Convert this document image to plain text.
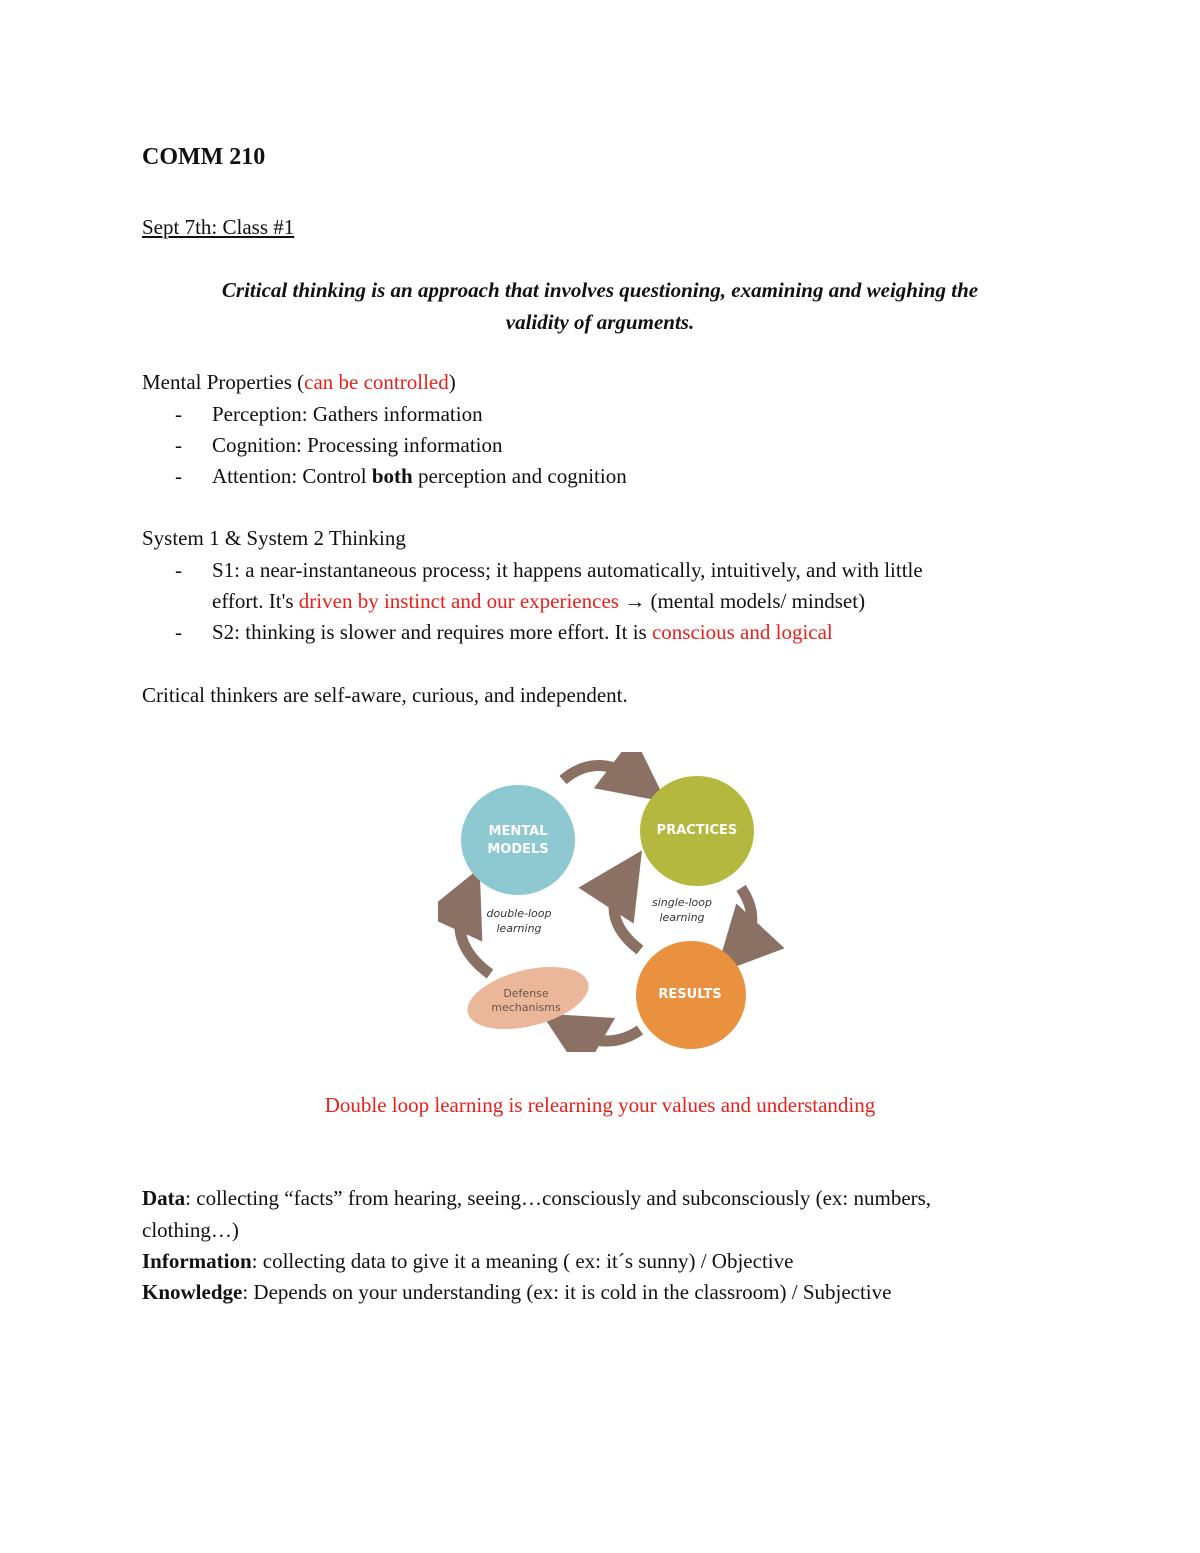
COMM 210
Sept 7th: Class #1
Critical thinking is an approach that involves questioning, examining and weighing the
validity of arguments.
Mental Properties (can be controlled)
- Perception: Gathers information
- Cognition: Processing information
- Attention: Control both perception and cognition
System 1 & System 2 Thinking
- S1: a near-instantaneous process; it happens automatically, intuitively, and with little
effort. It's driven by instinct and our experiences → (mental models/ mindset)
- S2: thinking is slower and requires more effort. It is conscious and logical
Critical thinkers are self-aware, curious, and independent.
MENTAL
MODELS
PRACTICES
RESULTS
Defense
mechanisms
double-loop
learning
single-loop
learning
Double loop learning is relearning your values and understanding
Data: collecting “facts” from hearing, seeing…consciously and subconsciously (ex: numbers,
clothing…)
Information: collecting data to give it a meaning ( ex: it´s sunny) / Objective
Knowledge: Depends on your understanding (ex: it is cold in the classroom) / Subjective
